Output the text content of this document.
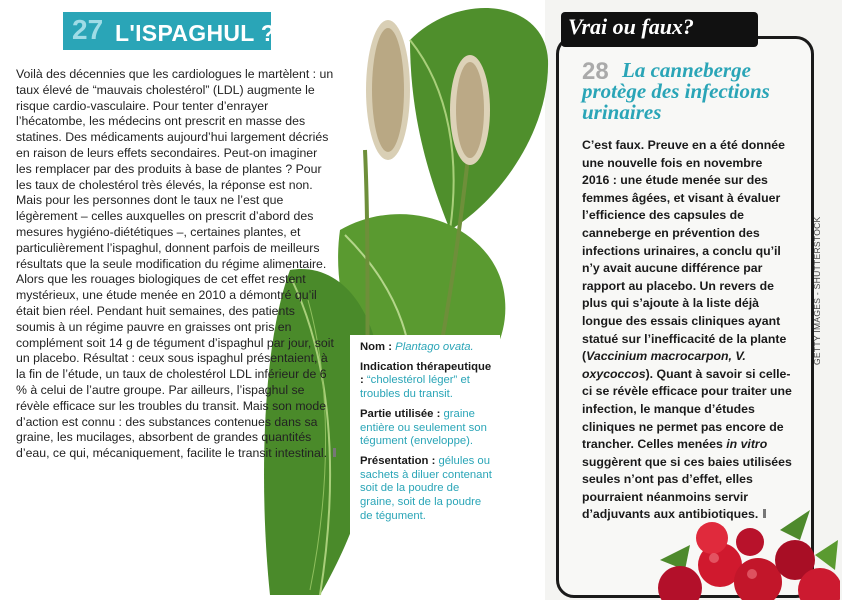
27 L'ISPAGHUL ?
Voilà des décennies que les cardiologues le martèlent : un taux élevé de “mauvais cholestérol” (LDL) augmente le risque cardio-vasculaire. Pour tenter d’enrayer l’hécatombe, les médecins ont prescrit en masse des statines. Des médicaments aujourd’hui largement décriés en raison de leurs effets secondaires. Peut-on imaginer les remplacer par des produits à base de plantes ? Pour les taux de cholestérol très élevés, la réponse est non. Mais pour les personnes dont le taux ne l’est que légèrement – celles auxquelles on prescrit d’abord des mesures hygiéno-diététiques –, certaines plantes, et particulièrement l’ispaghul, donnent parfois de meilleurs résultats que la seule modification du régime alimentaire.
Alors que les rouages biologiques de cet effet restent mystérieux, une étude menée en 2010 a démontré qu’il était bien réel. Pendant huit semaines, des patients soumis à un régime pauvre en graisses ont pris en complément soit 14 g de tégument d’ispaghul par jour, soit un placebo. Résultat : ceux sous ispaghul présentaient, à la fin de l’étude, un taux de cholestérol LDL inférieur de 6 % à celui de l’autre groupe. Par ailleurs, l’ispaghul se révèle efficace sur les troubles du transit. Mais son mode d’action est connu : des substances contenues dans sa graine, les mucilages, absorbent de grandes quantités d’eau, ce qui, mécaniquement, facilite le transit intestinal.

Nom : Plantago ovata.

Indication thérapeutique : “cholestérol léger” et troubles du transit.

Partie utilisée : graine entière ou seulement son tégument (enveloppe).

Présentation : gélules ou sachets à diluer contenant soit de la poudre de graine, soit de la poudre de tégument.

Vrai ou faux?
28 La canneberge protège des infections urinaires
C’est faux. Preuve en a été donnée une nouvelle fois en novembre 2016 : une étude menée sur des femmes âgées, et visant à évaluer l’efficience des capsules de canneberge en prévention des infections urinaires, a conclu qu’il n’y avait aucune différence par rapport au placebo. Un revers de plus qui s’ajoute à la liste déjà longue des essais cliniques ayant statué sur l’inefficacité de la plante (Vaccinium macrocarpon, V. oxycoccos). Quant à savoir si celle-ci se révèle efficace pour traiter une infection, le manque d’études cliniques ne permet pas encore de trancher. Celles menées in vitro suggèrent que si ces baies utilisées seules n’ont pas d’effet, elles pourraient néanmoins servir d’adjuvants aux antibiotiques.
GETTY IMAGES - SHUTTERSTOCK
